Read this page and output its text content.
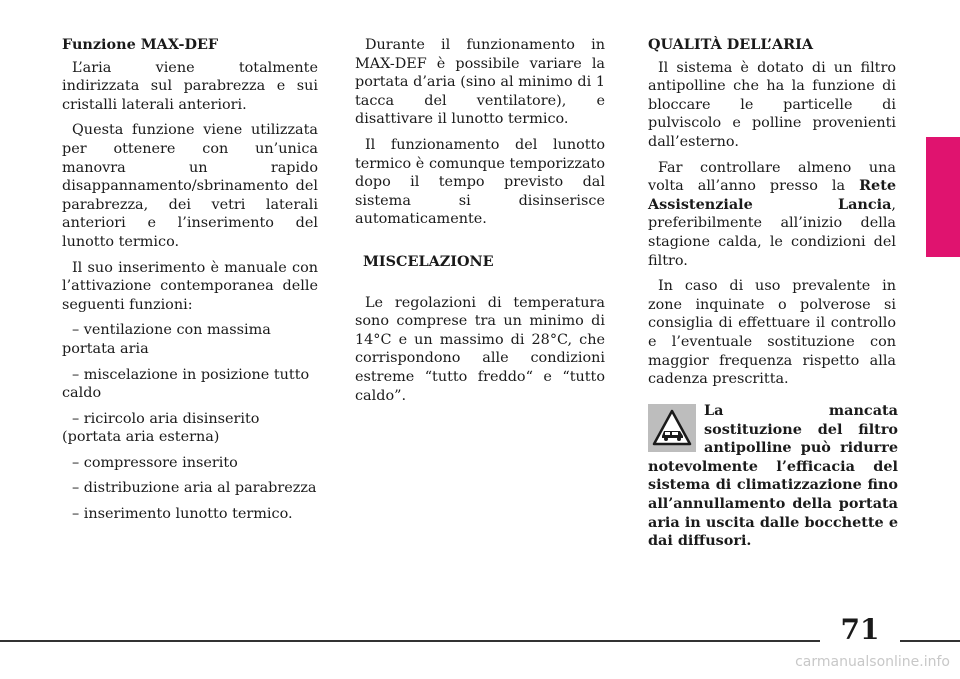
Funzione MAX-DEF

L’aria viene totalmente indirizzata sul parabrezza e sui cristalli laterali anteriori.

Questa funzione viene utilizzata per ottenere con un’unica manovra un rapido disappannamento/sbrinamento del parabrezza, dei vetri laterali anteriori e l’inserimento del lunotto termico.

Il suo inserimento è manuale con l’attivazione contemporanea delle seguenti funzioni:

– ventilazione con massima portata aria

– miscelazione in posizione tutto caldo

– ricircolo aria disinserito (portata aria esterna)

– compressore inserito

– distribuzione aria al parabrezza

– inserimento lunotto termico.

Durante il funzionamento in MAX-DEF è possibile variare la portata d’aria (sino al minimo di 1 tacca del ventilatore), e disattivare il lunotto termico.

Il funzionamento del lunotto termico è comunque temporizzato dopo il tempo previsto dal sistema si disinserisce automaticamente.

MISCELAZIONE

Le regolazioni di temperatura sono comprese tra un minimo di 14°C e un massimo di 28°C, che corrispondono alle condizioni estreme “tutto freddo“ e “tutto caldo”.

QUALITÀ DELL’ARIA

Il sistema è dotato di un filtro antipolline che ha la funzione di bloccare le particelle di pulviscolo e polline provenienti dall’esterno.

Far controllare almeno una volta all’anno presso la Rete Assistenziale Lancia, preferibilmente all’inizio della stagione calda, le condizioni del filtro.

In caso di uso prevalente in zone inquinate o polverose si consiglia di effettuare il controllo e l’eventuale sostituzione con maggior frequenza rispetto alla cadenza prescritta.

La mancata sostituzione del filtro antipolline può ridurre notevolmente l’efficacia del sistema di climatizzazione fino all’annullamento della portata aria in uscita dalle bocchette e dai diffusori.
71
carmanualsonline.info
